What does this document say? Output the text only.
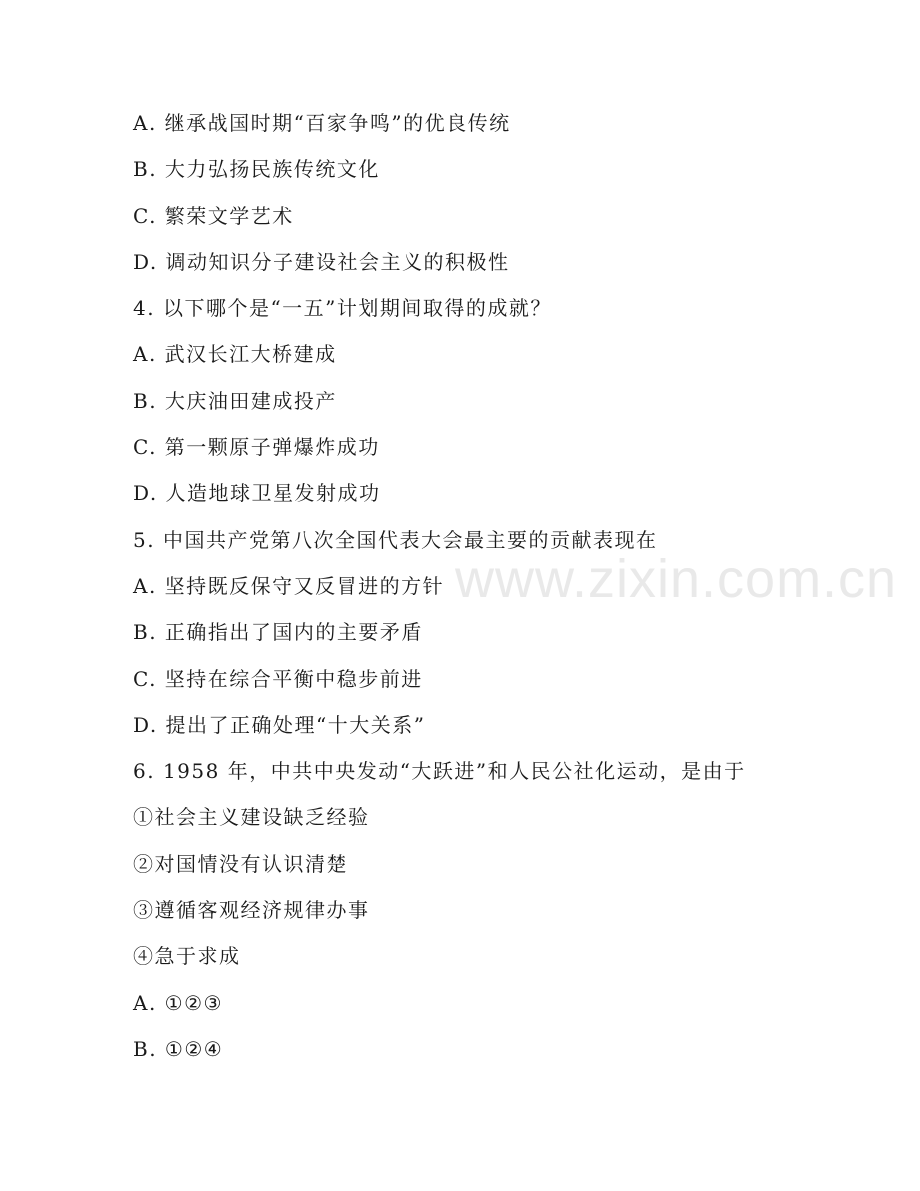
www.zixin.com.cn
A. 继承战国时期“百家争鸣”的优良传统
B. 大力弘扬民族传统文化
C. 繁荣文学艺术
D. 调动知识分子建设社会主义的积极性
4. 以下哪个是“一五”计划期间取得的成就？
A. 武汉长江大桥建成
B. 大庆油田建成投产
C. 第一颗原子弹爆炸成功
D. 人造地球卫星发射成功
5. 中国共产党第八次全国代表大会最主要的贡献表现在
A. 坚持既反保守又反冒进的方针
B. 正确指出了国内的主要矛盾
C. 坚持在综合平衡中稳步前进
D. 提出了正确处理“十大关系”
6. 1958 年，中共中央发动“大跃进”和人民公社化运动，是由于
①社会主义建设缺乏经验
②对国情没有认识清楚
③遵循客观经济规律办事
④急于求成
A. ①②③
B. ①②④
